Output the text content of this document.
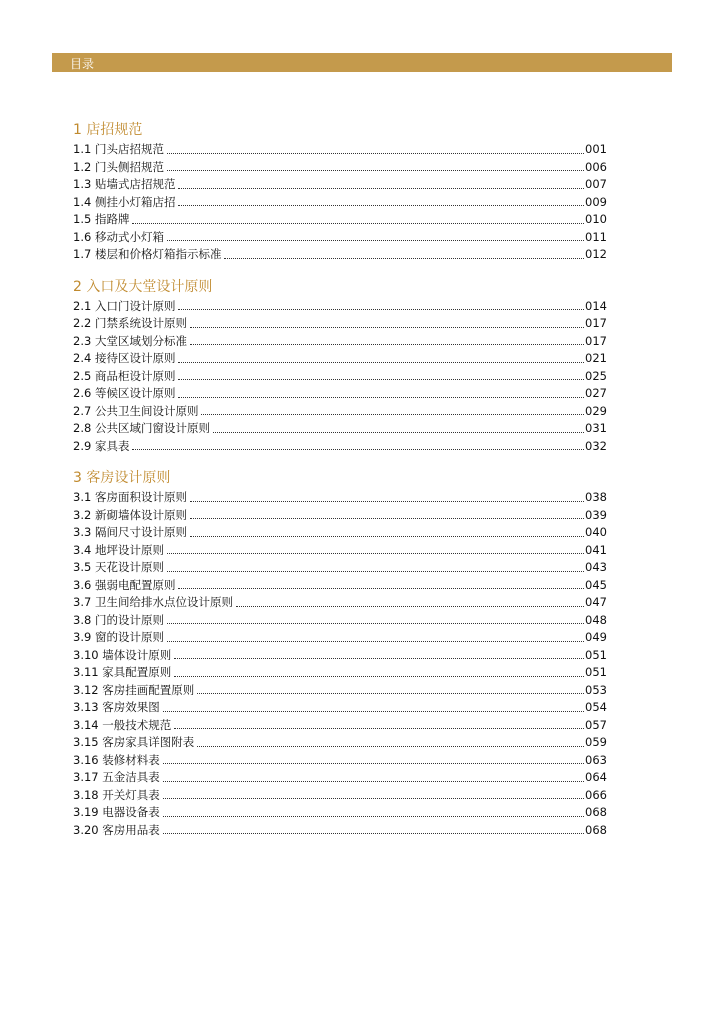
目录
1 店招规范
1.1 门头店招规范	001
1.2 门头侧招规范	006
1.3 贴墙式店招规范	007
1.4 侧挂小灯箱店招	009
1.5 指路牌	010
1.6 移动式小灯箱	011
1.7 楼层和价格灯箱指示标准	012
2 入口及大堂设计原则
2.1 入口门设计原则	014
2.2 门禁系统设计原则	017
2.3 大堂区域划分标准	017
2.4 接待区设计原则	021
2.5 商品柜设计原则	025
2.6 等候区设计原则	027
2.7 公共卫生间设计原则	029
2.8 公共区域门窗设计原则	031
2.9 家具表	032
3 客房设计原则
3.1 客房面积设计原则	038
3.2 新砌墙体设计原则	039
3.3 隔间尺寸设计原则	040
3.4 地坪设计原则	041
3.5 天花设计原则	043
3.6 强弱电配置原则	045
3.7 卫生间给排水点位设计原则	047
3.8 门的设计原则	048
3.9 窗的设计原则	049
3.10 墙体设计原则	051
3.11 家具配置原则	051
3.12 客房挂画配置原则	053
3.13 客房效果图	054
3.14 一般技术规范	057
3.15 客房家具详图附表	059
3.16 装修材料表	063
3.17 五金洁具表	064
3.18 开关灯具表	066
3.19 电器设备表	068
3.20 客房用品表	068
